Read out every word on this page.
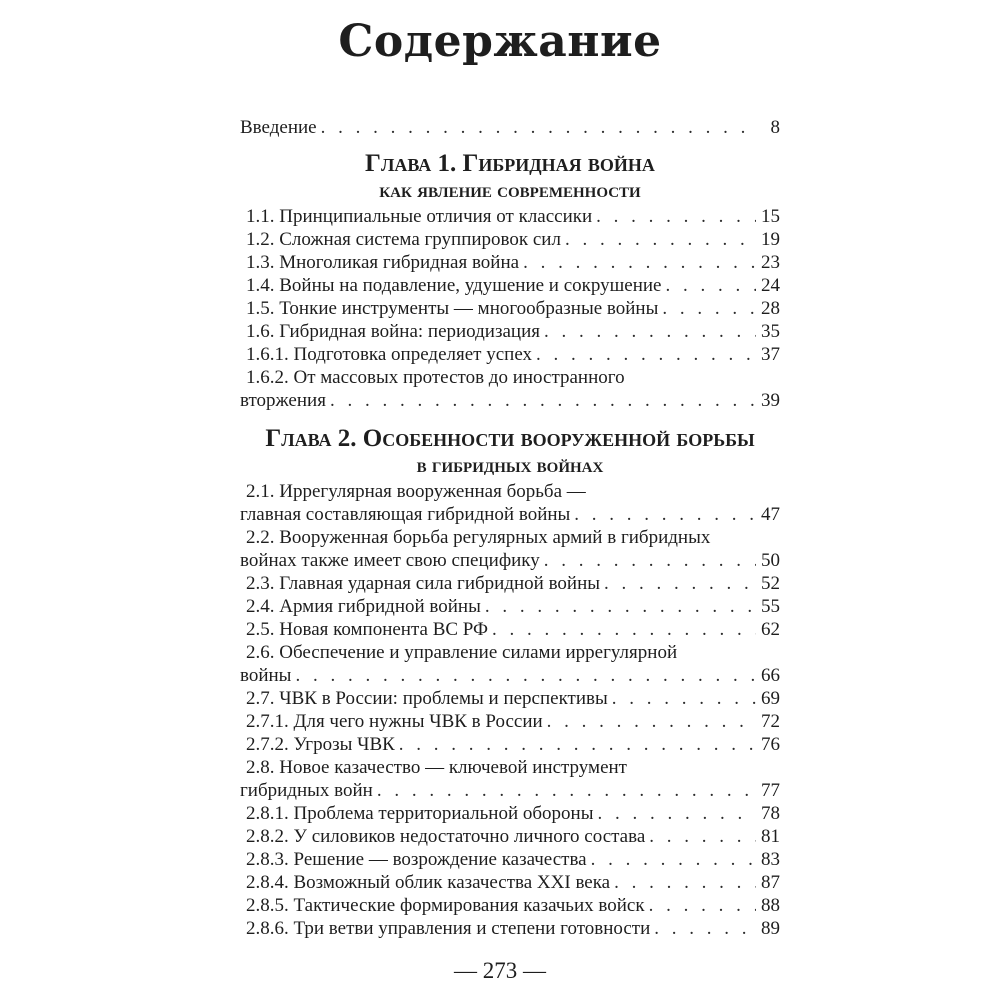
Содержание
Введение . . .	8
Глава 1. Гибридная война
как явление современности
1.1. Принципиальные отличия от классики . . .	15
1.2. Сложная система группировок сил . . .	19
1.3. Многоликая гибридная война . . .	23
1.4. Войны на подавление, удушение и сокрушение . . .	24
1.5. Тонкие инструменты — многообразные войны . . .	28
1.6. Гибридная война: периодизация . . .	35
1.6.1. Подготовка определяет успех . . .	37
1.6.2. От массовых протестов до иностранного
вторжения . . .	39
Глава 2. Особенности вооруженной борьбы
в гибридных войнах
2.1. Иррегулярная вооруженная борьба —
главная составляющая гибридной войны . . .	47
2.2. Вооруженная борьба регулярных армий в гибридных
войнах также имеет свою специфику . . .	50
2.3. Главная ударная сила гибридной войны . . .	52
2.4. Армия гибридной войны . . .	55
2.5. Новая компонента ВС РФ . . .	62
2.6. Обеспечение и управление силами иррегулярной
войны . . .	66
2.7. ЧВК в России: проблемы и перспективы . . .	69
2.7.1. Для чего нужны ЧВК в России . . .	72
2.7.2. Угрозы ЧВК . . .	76
2.8. Новое казачество — ключевой инструмент
гибридных войн . . .	77
2.8.1. Проблема территориальной обороны . . .	78
2.8.2. У силовиков недостаточно личного состава . . .	81
2.8.3. Решение — возрождение казачества . . .	83
2.8.4. Возможный облик казачества XXI века . . .	87
2.8.5. Тактические формирования казачьих войск . . .	88
2.8.6. Три ветви управления и степени готовности . . .	89
— 273 —
